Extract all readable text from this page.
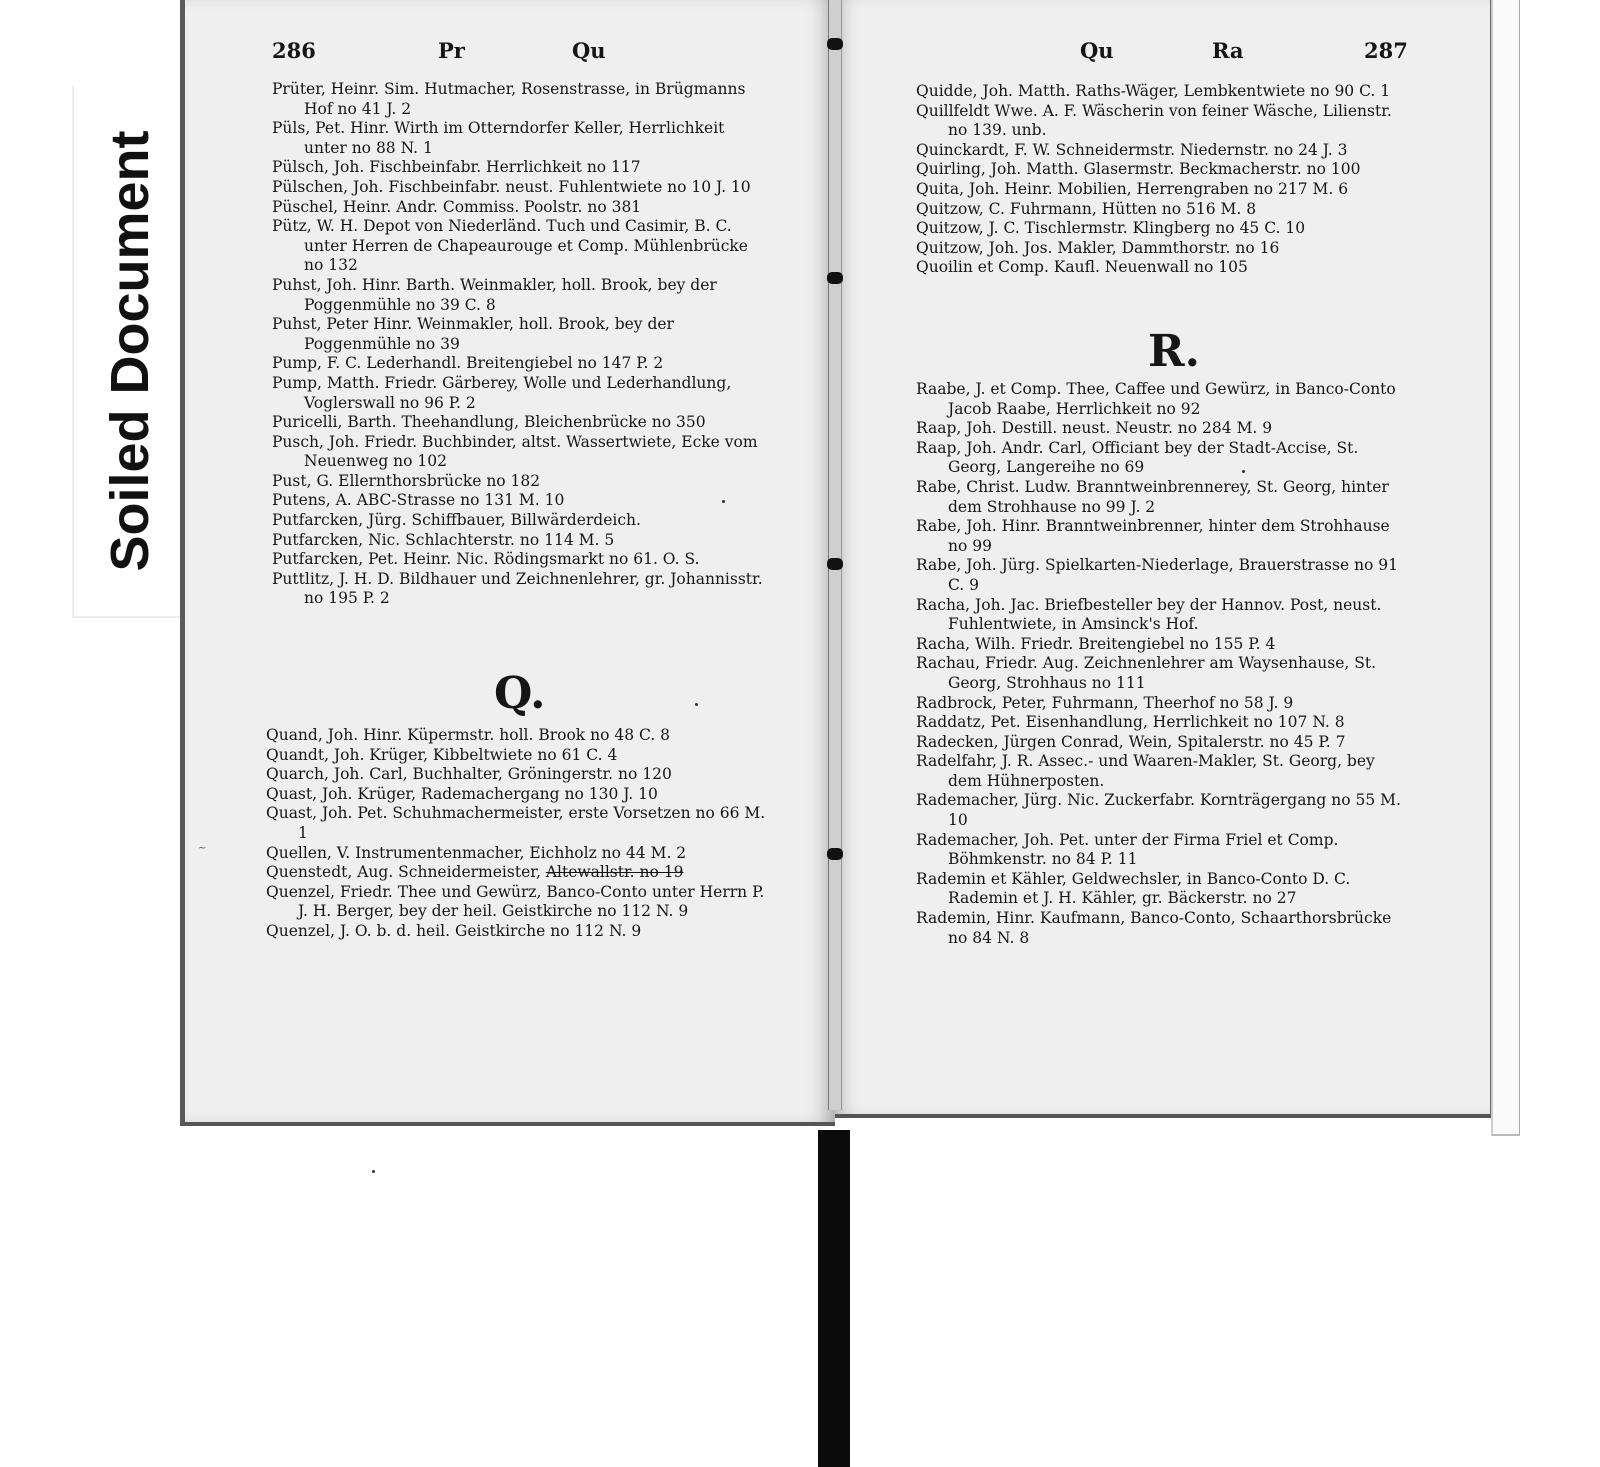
Soiled Document
286	Pr	Qu

Prüter, Heinr. Sim. Hutmacher, Rosenstrasse, in Brügmanns Hof no 41 J. 2

Püls, Pet. Hinr. Wirth im Otterndorfer Keller, Herrlichkeit unter no 88 N. 1

Pülsch, Joh. Fischbeinfabr. Herrlichkeit no 117

Pülschen, Joh. Fischbeinfabr. neust. Fuhlentwiete no 10 J. 10

Püschel, Heinr. Andr. Commiss. Poolstr. no 381

Pütz, W. H. Depot von Niederländ. Tuch und Casimir, B. C. unter Herren de Chapeaurouge et Comp. Mühlenbrücke no 132

Puhst, Joh. Hinr. Barth. Weinmakler, holl. Brook, bey der Poggenmühle no 39 C. 8

Puhst, Peter Hinr. Weinmakler, holl. Brook, bey der Poggenmühle no 39

Pump, F. C. Lederhandl. Breitengiebel no 147 P. 2

Pump, Matth. Friedr. Gärberey, Wolle und Lederhandlung, Voglerswall no 96 P. 2

Puricelli, Barth. Theehandlung, Bleichenbrücke no 350

Pusch, Joh. Friedr. Buchbinder, altst. Wassertwiete, Ecke vom Neuenweg no 102

Pust, G. Ellernthorsbrücke no 182

Putens, A. ABC-Strasse no 131 M. 10

Putfarcken, Jürg. Schiffbauer, Billwärderdeich.

Putfarcken, Nic. Schlachterstr. no 114 M. 5

Putfarcken, Pet. Heinr. Nic. Rödingsmarkt no 61. O. S.

Puttlitz, J. H. D. Bildhauer und Zeichnenlehrer, gr. Johannisstr. no 195 P. 2

Q.

Quand, Joh. Hinr. Küpermstr. holl. Brook no 48 C. 8

Quandt, Joh. Krüger, Kibbeltwiete no 61 C. 4

Quarch, Joh. Carl, Buchhalter, Gröningerstr. no 120

Quast, Joh. Krüger, Rademachergang no 130 J. 10

Quast, Joh. Pet. Schuhmachermeister, erste Vorsetzen no 66 M. 1

Quellen, V. Instrumentenmacher, Eichholz no 44 M. 2

Quenstedt, Aug. Schneidermeister, Altewallstr. no 19

Quenzel, Friedr. Thee und Gewürz, Banco-Conto unter Herrn P. J. H. Berger, bey der heil. Geistkirche no 112 N. 9

Quenzel, J. O. b. d. heil. Geistkirche no 112 N. 9

~
Qu	Ra	287

Quidde, Joh. Matth. Raths-Wäger, Lembkentwiete no 90 C. 1

Quillfeldt Wwe. A. F. Wäscherin von feiner Wäsche, Lilienstr. no 139. unb.

Quinckardt, F. W. Schneidermstr. Niedernstr. no 24 J. 3

Quirling, Joh. Matth. Glasermstr. Beckmacherstr. no 100

Quita, Joh. Heinr. Mobilien, Herrengraben no 217 M. 6

Quitzow, C. Fuhrmann, Hütten no 516 M. 8

Quitzow, J. C. Tischlermstr. Klingberg no 45 C. 10

Quitzow, Joh. Jos. Makler, Dammthorstr. no 16

Quoilin et Comp. Kaufl. Neuenwall no 105

R.

Raabe, J. et Comp. Thee, Caffee und Gewürz, in Banco-Conto Jacob Raabe, Herrlichkeit no 92

Raap, Joh. Destill. neust. Neustr. no 284 M. 9

Raap, Joh. Andr. Carl, Officiant bey der Stadt-Accise, St. Georg, Langereihe no 69

Rabe, Christ. Ludw. Branntweinbrennerey, St. Georg, hinter dem Strohhause no 99 J. 2

Rabe, Joh. Hinr. Branntweinbrenner, hinter dem Strohhause no 99

Rabe, Joh. Jürg. Spielkarten-Niederlage, Brauerstrasse no 91 C. 9

Racha, Joh. Jac. Briefbesteller bey der Hannov. Post, neust. Fuhlentwiete, in Amsinck's Hof.

Racha, Wilh. Friedr. Breitengiebel no 155 P. 4

Rachau, Friedr. Aug. Zeichnenlehrer am Waysenhause, St. Georg, Strohhaus no 111

Radbrock, Peter, Fuhrmann, Theerhof no 58 J. 9

Raddatz, Pet. Eisenhandlung, Herrlichkeit no 107 N. 8

Radecken, Jürgen Conrad, Wein, Spitalerstr. no 45 P. 7

Radelfahr, J. R. Assec.- und Waaren-Makler, St. Georg, bey dem Hühnerposten.

Rademacher, Jürg. Nic. Zuckerfabr. Kornträgergang no 55 M. 10

Rademacher, Joh. Pet. unter der Firma Friel et Comp. Böhmkenstr. no 84 P. 11

Rademin et Kähler, Geldwechsler, in Banco-Conto D. C. Rademin et J. H. Kähler, gr. Bäckerstr. no 27

Rademin, Hinr. Kaufmann, Banco-Conto, Schaarthorsbrücke no 84 N. 8
